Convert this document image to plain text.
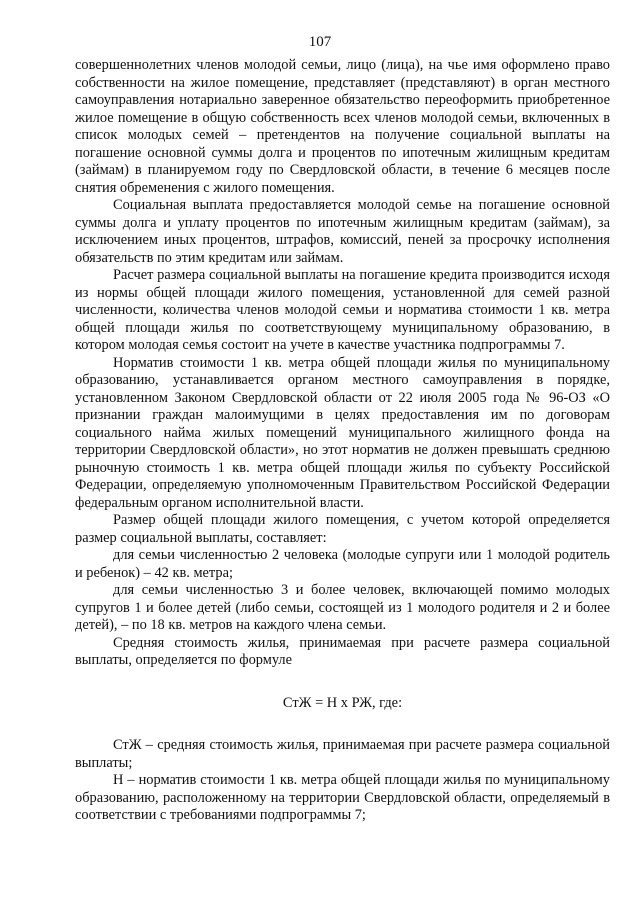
107

совершеннолетних членов молодой семьи, лицо (лица), на чье имя оформлено право собственности на жилое помещение, представляет (представляют) в орган местного самоуправления нотариально заверенное обязательство переоформить приобретенное жилое помещение в общую собственность всех членов молодой семьи, включенных в список молодых семей – претендентов на получение социальной выплаты на погашение основной суммы долга и процентов по ипотечным жилищным кредитам (займам) в планируемом году по Свердловской области, в течение 6 месяцев после снятия обременения с жилого помещения.

Социальная выплата предоставляется молодой семье на погашение основной суммы долга и уплату процентов по ипотечным жилищным кредитам (займам), за исключением иных процентов, штрафов, комиссий, пеней за просрочку исполнения обязательств по этим кредитам или займам.

Расчет размера социальной выплаты на погашение кредита производится исходя из нормы общей площади жилого помещения, установленной для семей разной численности, количества членов молодой семьи и норматива стоимости 1 кв. метра общей площади жилья по соответствующему муниципальному образованию, в котором молодая семья состоит на учете в качестве участника подпрограммы 7.

Норматив стоимости 1 кв. метра общей площади жилья по муниципальному образованию, устанавливается органом местного самоуправления в порядке, установленном Законом Свердловской области от 22 июля 2005 года № 96-ОЗ «О признании граждан малоимущими в целях предоставления им по договорам социального найма жилых помещений муниципального жилищного фонда на территории Свердловской области», но этот норматив не должен превышать среднюю рыночную стоимость 1 кв. метра общей площади жилья по субъекту Российской Федерации, определяемую уполномоченным Правительством Российской Федерации федеральным органом исполнительной власти.

Размер общей площади жилого помещения, с учетом которой определяется размер социальной выплаты, составляет:

для семьи численностью 2 человека (молодые супруги или 1 молодой родитель и ребенок) – 42 кв. метра;

для семьи численностью 3 и более человек, включающей помимо молодых супругов 1 и более детей (либо семьи, состоящей из 1 молодого родителя и 2 и более детей), – по 18 кв. метров на каждого члена семьи.

Средняя стоимость жилья, принимаемая при расчете размера социальной выплаты, определяется по формуле

СтЖ = Н х РЖ, где:

СтЖ – средняя стоимость жилья, принимаемая при расчете размера социальной выплаты;

Н – норматив стоимости 1 кв. метра общей площади жилья по муниципальному образованию, расположенному на территории Свердловской области, определяемый в соответствии с требованиями подпрограммы 7;
